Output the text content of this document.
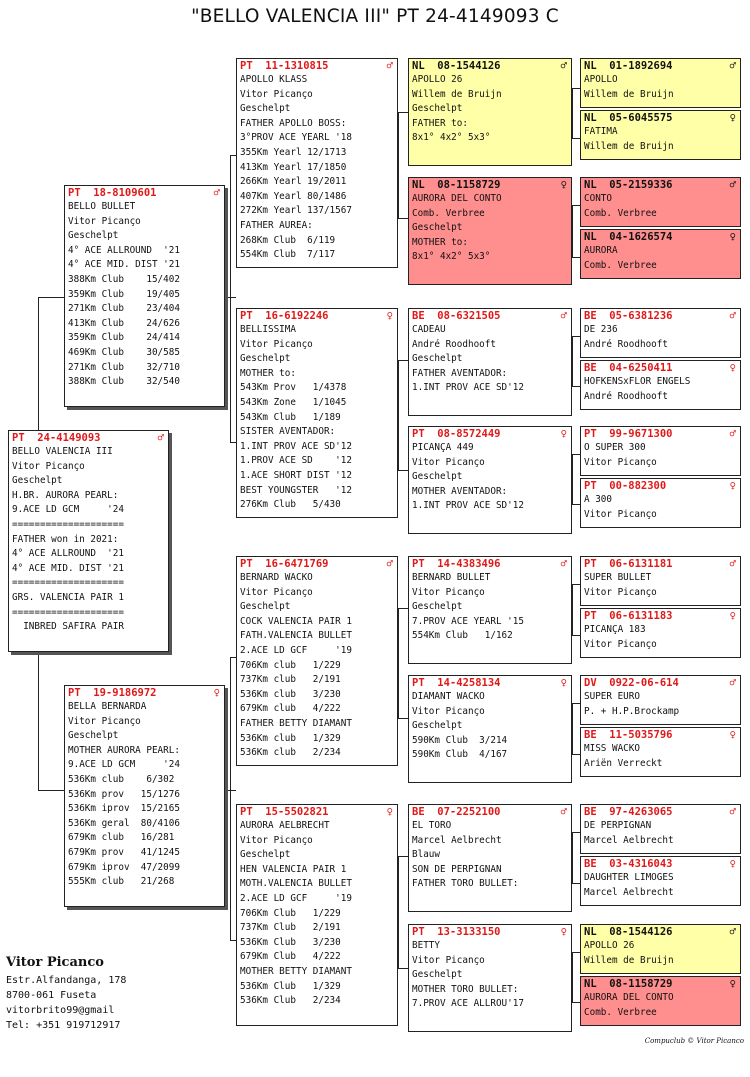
"BELLO VALENCIA III" PT 24-4149093 C
PT  24-4149093	♂
BELLO VALENCIA III
Vitor Picanço
Geschelpt
H.BR. AURORA PEARL:
9.ACE LD GCM     '24
====================
FATHER won in 2021:
4° ACE ALLROUND  '21
4° ACE MID. DIST '21
====================
GRS. VALENCIA PAIR 1
====================
INBRED SAFIRA PAIR
PT  18-8109601	♂
BELLO BULLET
Vitor Picanço
Geschelpt
4° ACE ALLROUND  '21
4° ACE MID. DIST '21
388Km Club    15/402
359Km Club    19/405
271Km Club    23/404
413Km Club    24/626
359Km Club    24/414
469Km Club    30/585
271Km Club    32/710
388Km Club    32/540
PT  19-9186972	♀
BELLA BERNARDA
Vitor Picanço
Geschelpt
MOTHER AURORA PEARL:
9.ACE LD GCM     '24
536Km club    6/302
536Km prov   15/1276
536Km iprov  15/2165
536Km geral  80/4106
679Km club   16/281
679Km prov   41/1245
679Km iprov  47/2099
555Km club   21/268
PT  11-1310815	♂
APOLLO KLASS
Vitor Picanço
Geschelpt
FATHER APOLLO BOSS:
3°PROV ACE YEARL '18
355Km Yearl 12/1713
413Km Yearl 17/1850
266Km Yearl 19/2011
407Km Yearl 80/1486
272Km Yearl 137/1567
FATHER AUREA:
268Km Club  6/119
554Km Club  7/117
PT  16-6192246	♀
BELLISSIMA
Vitor Picanço
Geschelpt
MOTHER to:
543Km Prov   1/4378
543Km Zone   1/1045
543Km Club   1/189
SISTER AVENTADOR:
1.INT PROV ACE SD'12
1.PROV ACE SD    '12
1.ACE SHORT DIST '12
BEST YOUNGSTER   '12
276Km Club   5/430
PT  16-6471769	♂
BERNARD WACKO
Vitor Picanço
Geschelpt
COCK VALENCIA PAIR 1
FATH.VALENCIA BULLET
2.ACE LD GCF     '19
706Km club   1/229
737Km club   2/191
536Km club   3/230
679Km club   4/222
FATHER BETTY DIAMANT
536Km club   1/329
536Km club   2/234
PT  15-5502821	♀
AURORA AELBRECHT
Vitor Picanço
Geschelpt
HEN VALENCIA PAIR 1
MOTH.VALENCIA BULLET
2.ACE LD GCF     '19
706Km Club   1/229
737Km Club   2/191
536Km Club   3/230
679Km Club   4/222
MOTHER BETTY DIAMANT
536Km Club   1/329
536Km Club   2/234
NL  08-1544126	♂
APOLLO 26
Willem de Bruijn
Geschelpt
FATHER to:
8x1° 4x2° 5x3°
NL  08-1158729	♀
AURORA DEL CONTO
Comb. Verbree
Geschelpt
MOTHER to:
8x1° 4x2° 5x3°
BE  08-6321505	♂
CADEAU
André Roodhooft
Geschelpt
FATHER AVENTADOR:
1.INT PROV ACE SD'12
PT  08-8572449	♀
PICANÇA 449
Vitor Picanço
Geschelpt
MOTHER AVENTADOR:
1.INT PROV ACE SD'12
PT  14-4383496	♂
BERNARD BULLET
Vitor Picanço
Geschelpt
7.PROV ACE YEARL '15
554Km Club   1/162
PT  14-4258134	♀
DIAMANT WACKO
Vitor Picanço
Geschelpt
590Km Club  3/214
590Km Club  4/167
BE  07-2252100	♂
EL TORO
Marcel Aelbrecht
Blauw
SON DE PERPIGNAN
FATHER TORO BULLET:
PT  13-3133150	♀
BETTY
Vitor Picanço
Geschelpt
MOTHER TORO BULLET:
7.PROV ACE ALLROU'17
NL  01-1892694	♂
APOLLO
Willem de Bruijn
NL  05-6045575	♀
FATIMA
Willem de Bruijn
NL  05-2159336	♂
CONTO
Comb. Verbree
NL  04-1626574	♀
AURORA
Comb. Verbree
BE  05-6381236	♂
DE 236
André Roodhooft
BE  04-6250411	♀
HOFKENSxFLOR ENGELS
André Roodhooft
PT  99-9671300	♂
O SUPER 300
Vitor Picanço
PT  00-882300	♀
A 300
Vitor Picanço
PT  06-6131181	♂
SUPER BULLET
Vitor Picanço
PT  06-6131183	♀
PICANÇA 183
Vitor Picanço
DV  0922-06-614	♂
SUPER EURO
P. + H.P.Brockamp
BE  11-5035796	♀
MISS WACKO
Ariën Verreckt
BE  97-4263065	♂
DE PERPIGNAN
Marcel Aelbrecht
BE  03-4316043	♀
DAUGHTER LIMOGES
Marcel Aelbrecht
NL  08-1544126	♂
APOLLO 26
Willem de Bruijn
NL  08-1158729	♀
AURORA DEL CONTO
Comb. Verbree
Vitor Picanco
Estr.Alfandanga, 178
8700-061 Fuseta
vitorbrito99@gmail
Tel: +351 919712917
Compuclub © Vitor Picanco
